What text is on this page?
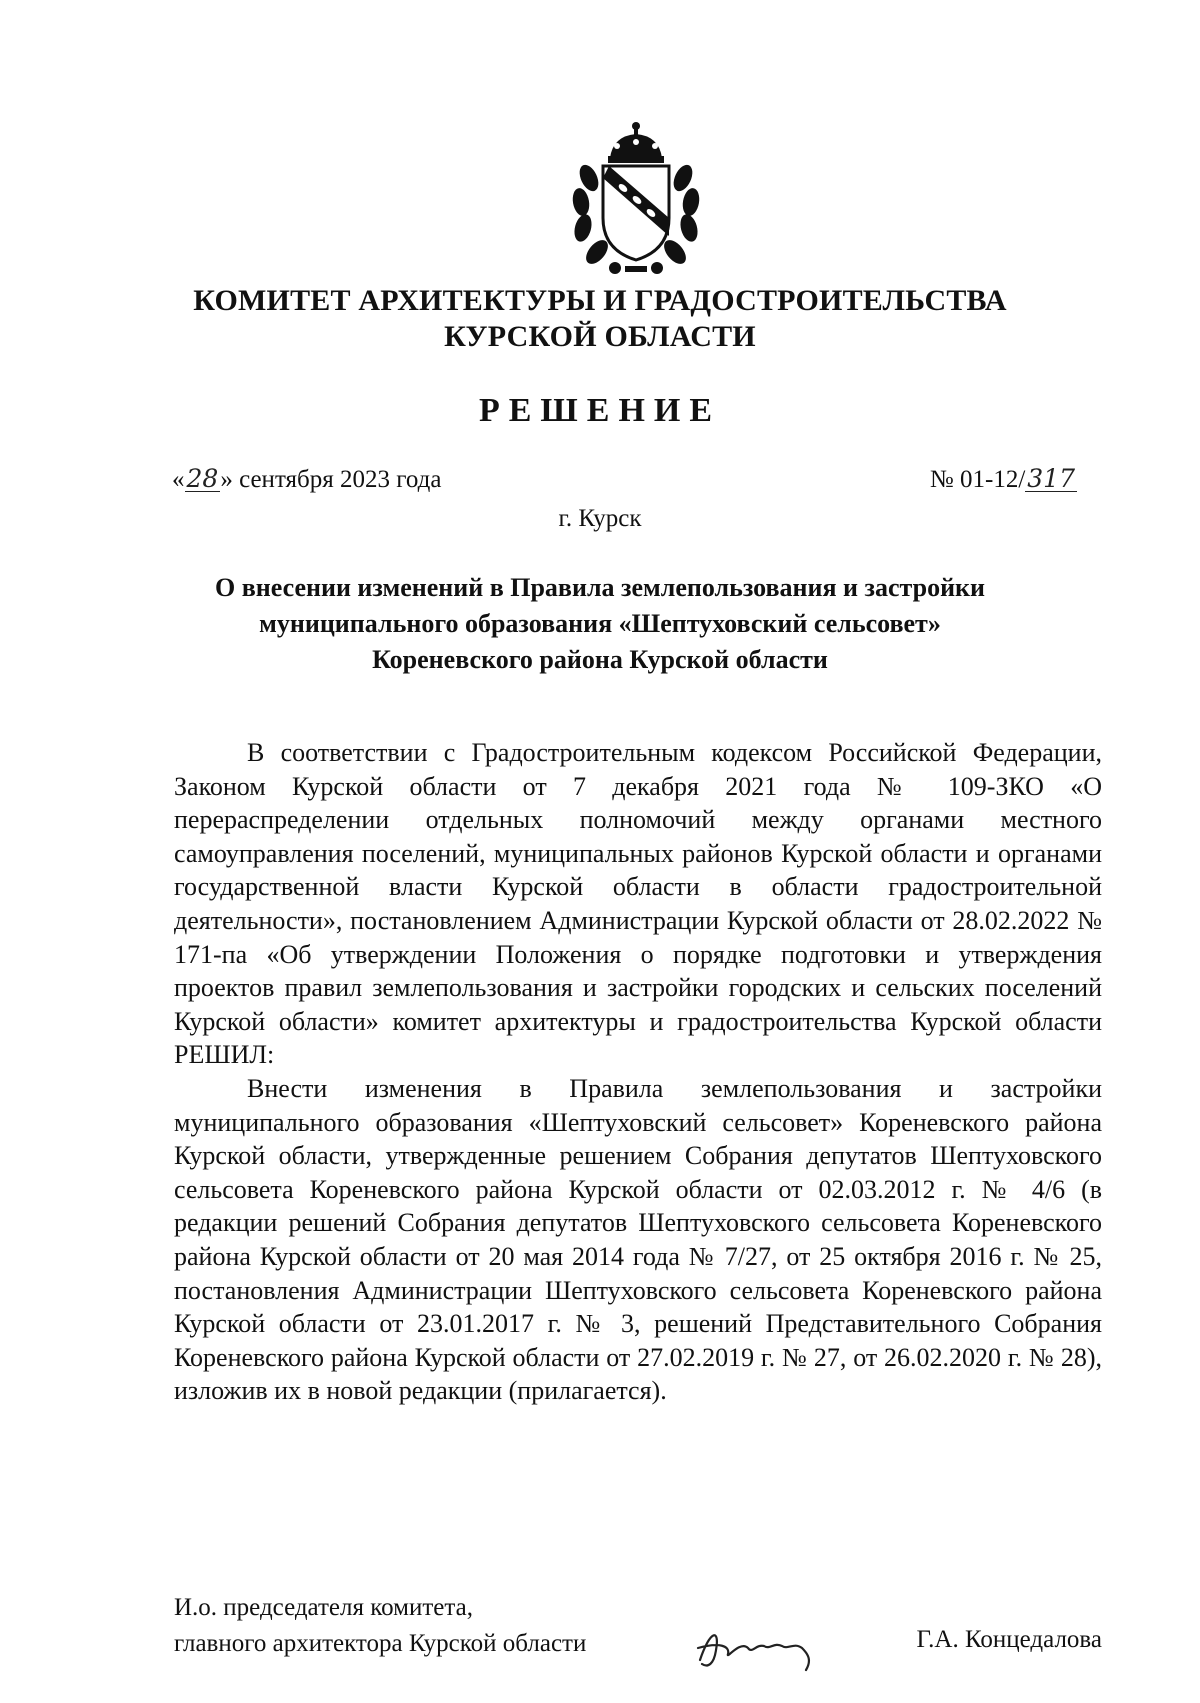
КОМИТЕТ АРХИТЕКТУРЫ И ГРАДОСТРОИТЕЛЬСТВА
КУРСКОЙ ОБЛАСТИ
РЕШЕНИЕ
«28» сентября 2023 года	№ 01-12/317
г. Курск
О внесении изменений в Правила землепользования и застройки
муниципального образования «Шептуховский сельсовет»
Кореневского района Курской области

В соответствии с Градостроительным кодексом Российской Федерации, Законом Курской области от 7 декабря 2021 года № 109-ЗКО «О перераспределении отдельных полномочий между органами местного самоуправления поселений, муниципальных районов Курской области и органами государственной власти Курской области в области градостроительной деятельности», постановлением Администрации Курской области от 28.02.2022 № 171-па «Об утверждении Положения о порядке подготовки и утверждения проектов правил землепользования и застройки городских и сельских поселений Курской области» комитет архитектуры и градостроительства Курской области РЕШИЛ:

Внести изменения в Правила землепользования и застройки муниципального образования «Шептуховский сельсовет» Кореневского района Курской области, утвержденные решением Собрания депутатов Шептуховского сельсовета Кореневского района Курской области от 02.03.2012 г. № 4/6 (в редакции решений Собрания депутатов Шептуховского сельсовета Кореневского района Курской области от 20 мая 2014 года № 7/27, от 25 октября 2016 г. № 25, постановления Администрации Шептуховского сельсовета Кореневского района Курской области от 23.01.2017 г. № 3, решений Представительного Собрания Кореневского района Курской области от 27.02.2019 г. № 27, от 26.02.2020 г. № 28), изложив их в новой редакции (прилагается).

И.о. председателя комитета,
главного архитектора Курской области	Г.А. Концедалова
